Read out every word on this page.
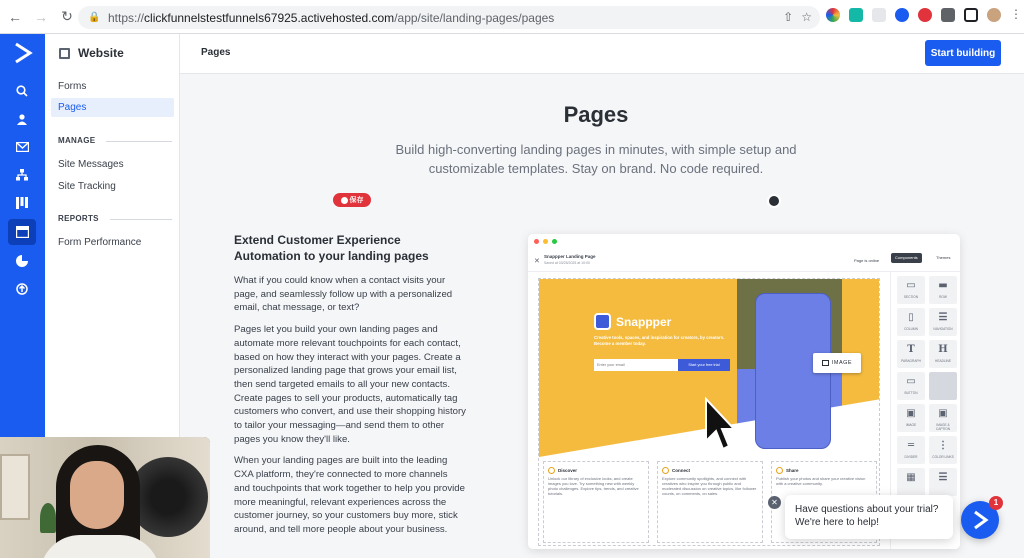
← → ↻	🔒 https:// clickfunnelstestfunnels67925.activehosted.com /app/site/landing-pages/pages	⇧ ☆	⋮
Website
Forms
Pages
MANAGE
Site Messages
Site Tracking
REPORTS
Form Performance
Pages	Start building
Pages
Build high-converting landing pages in minutes, with simple setup and customizable templates. Stay on brand. No code required.
Extend Customer Experience Automation to your landing pages

What if you could know when a contact visits your page, and seamlessly follow up with a personalized email, chat message, or text?

Pages let you build your own landing pages and automate more relevant touchpoints for each contact, based on how they interact with your pages. Create a personalized landing page that grows your email list, then send targeted emails to all your new contacts. Create pages to sell your products, automatically tag customers who convert, and use their shopping history to tailor your messaging—and send them to other pages you know they'll like.

When your landing pages are built into the leading CXA platform, they're connected to more channels and touchpoints that work together to help you provide more meaningful, relevant experiences across the customer journey, so your customers buy more, stick around, and tell more people about your business.

✕
Snappper Landing Page
Saved at 03/25/2025 at 10:00	Page is online
Components	Themes
Snappper
Creative tools, spaces, and inspiration for creators, by creators. Become a member today.
Enter your email	Start your free trial	IMAGE
Discover
Unlock our library of exclusive looks, and create images you love. Try something new with weekly photo challenges. Explore tips, trends, and creative tutorials.
Connect
Explore community spotlights, and connect with creatives who inspire you through public and moderated discussion on creative topics, like follower counts, on comments, on sales.
Share
Publish your photos and share your creative vision with a creative community.
▭
SECTION
▬
ROW
▯
COLUMN
☰
NAVIGATION
T
PARAGRAPH
H
HEADLINE
▭
BUTTON
▣
IMAGE
▣
IMAGE & CAPTION
═
DIVIDER
⋮
COLOR LINKS
▦ ☰
保存
✕
Have questions about your trial? We're here to help!
1
